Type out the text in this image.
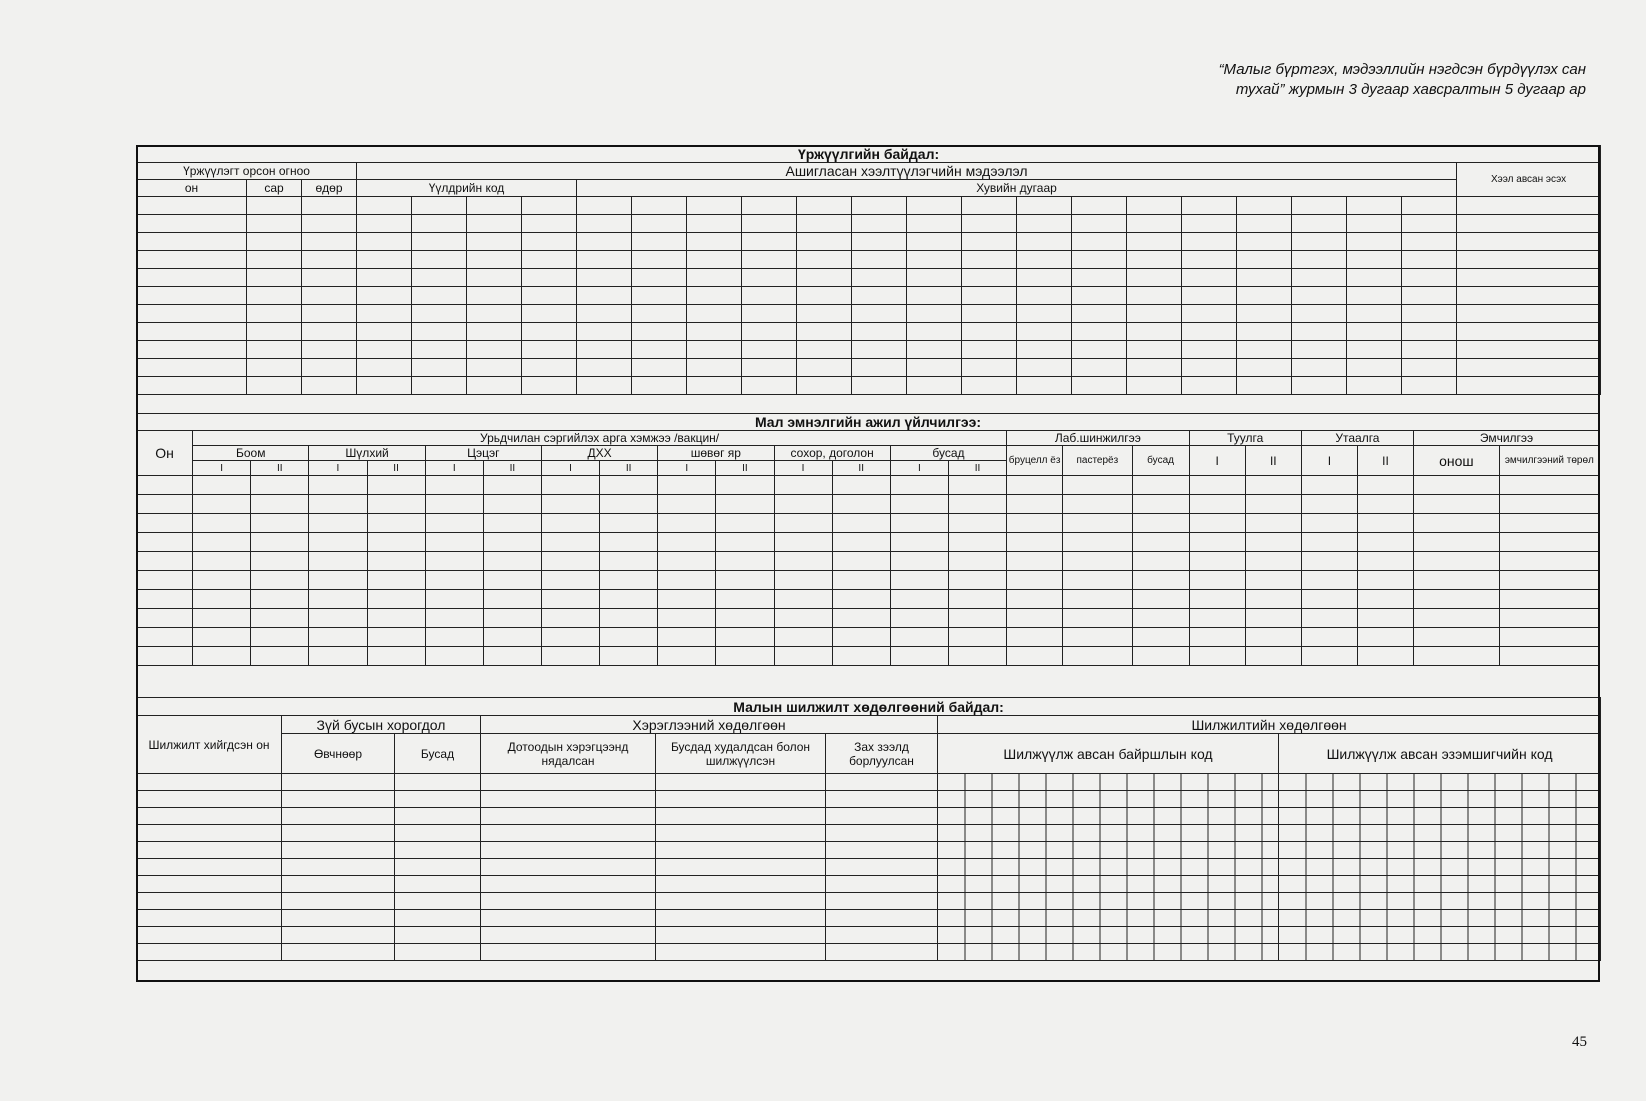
“Малыг бүртгэх, мэдээллийн нэгдсэн бүрдүүлэх сан
тухай” журмын 3 дугаар хавсралтын 5 дугаар ар
Үржүүлгийн байдал:																							
Үржүүлэгт орсон огноо			Ашигласан хээлтүүлэгчийн мэдээлэл																				Хээл авсан эсэх
он	сар	өдөр	Үүлдрийн код				Хувийн дугаар																

Мал эмнэлгийн ажил үйлчилгээ:																							
Он	Урьдчилан сэргийлэх арга хэмжээ /вакцин/														Лаб.шинжилгээ			Туулга		Утаалга		Эмчилгээ	
	Боом		Шүлхий		Цэцэг		ДХХ		шөвөг яр		сохор, доголон		бусад		бруцелл ёз	пастерёз	бусад	I	II	I	II	онош	эмчилгээний төрөл
	I	II	I	II	I	II	I	II	I	II	I	II	I	II									

Малын шилжилт хөдөлгөөний байдал:							
Шилжилт хийгдсэн он	Зүй бусын хорогдол		Хэрэглээний хөдөлгөөн			Шилжилтийн хөдөлгөөн	
	Өвчнөөр	Бусад	Дотоодын хэрэгцээнд нядалсан	Бусдад худалдсан болон шилжүүлсэн	Зах зээлд борлуулсан	Шилжүүлж авсан байршлын код	Шилжүүлж авсан эзэмшигчийн код

45
